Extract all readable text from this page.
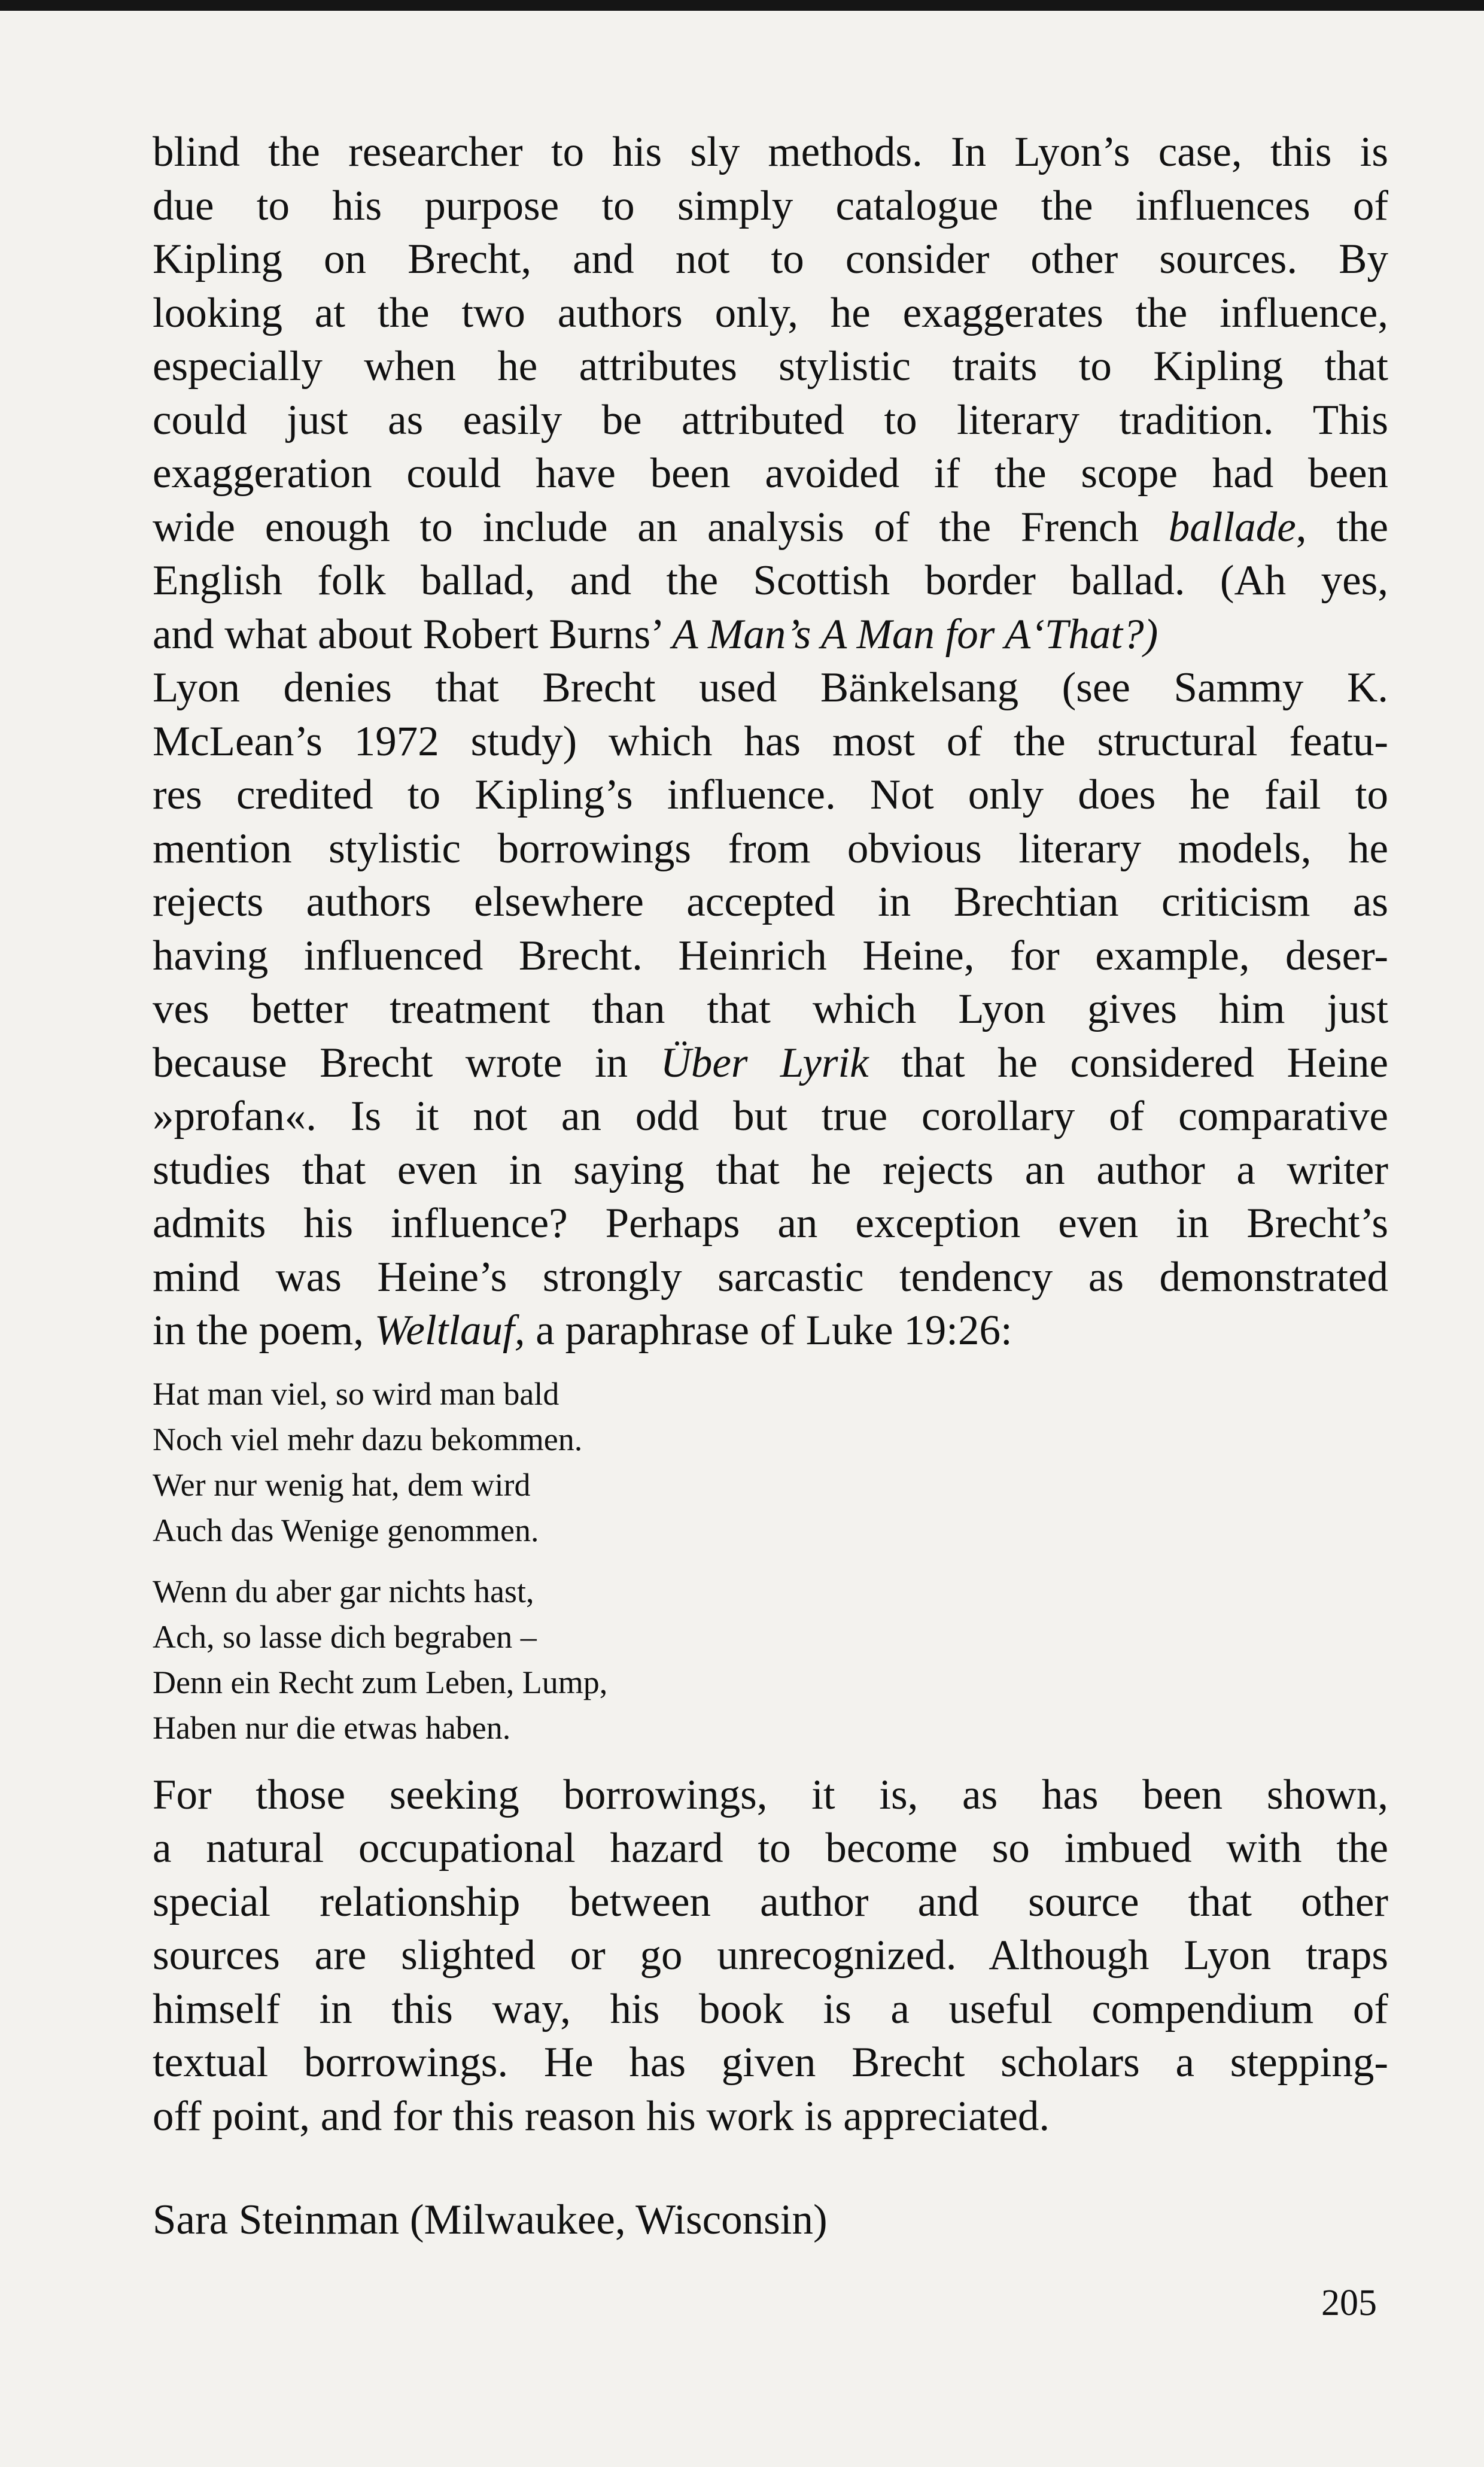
blind the researcher to his sly methods. In Lyon’s case, this is
due to his purpose to simply catalogue the influences of
Kipling on Brecht, and not to consider other sources. By
looking at the two authors only, he exaggerates the influence,
especially when he attributes stylistic traits to Kipling that
could just as easily be attributed to literary tradition. This
exaggeration could have been avoided if the scope had been
wide enough to include an analysis of the French ballade, the
English folk ballad, and the Scottish border ballad. (Ah yes,
and what about Robert Burns’ A Man’s A Man for A‘That?)
Lyon denies that Brecht used Bänkelsang (see Sammy K.
McLean’s 1972 study) which has most of the structural featu-
res credited to Kipling’s influence. Not only does he fail to
mention stylistic borrowings from obvious literary models, he
rejects authors elsewhere accepted in Brechtian criticism as
having influenced Brecht. Heinrich Heine, for example, deser-
ves better treatment than that which Lyon gives him just
because Brecht wrote in Über Lyrik that he considered Heine
»profan«. Is it not an odd but true corollary of comparative
studies that even in saying that he rejects an author a writer
admits his influence? Perhaps an exception even in Brecht’s
mind was Heine’s strongly sarcastic tendency as demonstrated
in the poem, Weltlauf, a paraphrase of Luke 19:26:

Hat man viel, so wird man bald
Noch viel mehr dazu bekommen.
Wer nur wenig hat, dem wird
Auch das Wenige genommen.
Wenn du aber gar nichts hast,
Ach, so lasse dich begraben –
Denn ein Recht zum Leben, Lump,
Haben nur die etwas haben.

For those seeking borrowings, it is, as has been shown,
a natural occupational hazard to become so imbued with the
special relationship between author and source that other
sources are slighted or go unrecognized. Although Lyon traps
himself in this way, his book is a useful compendium of
textual borrowings. He has given Brecht scholars a stepping-
off point, and for this reason his work is appreciated.

Sara Steinman (Milwaukee, Wisconsin)
205
